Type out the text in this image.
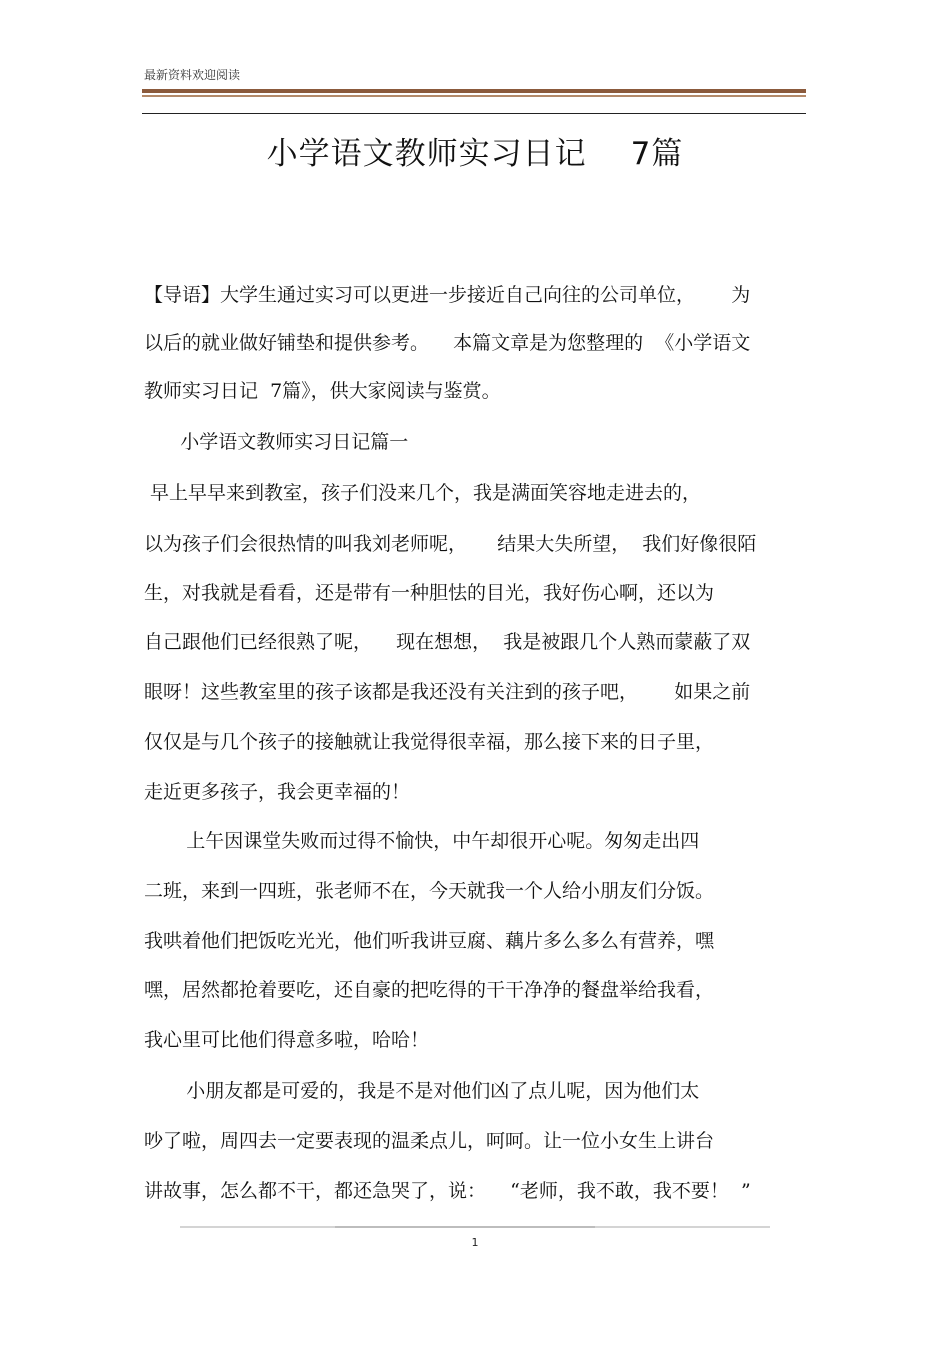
最新资料欢迎阅读
小学语文教师实习日记 7篇
【导语】大学生通过实习可以更进一步接近自己向往的公司单位，      为
以后的就业做好铺垫和提供参考。    本篇文章是为您整理的  《小学语文
教师实习日记  7篇》，供大家阅读与鉴赏。
小学语文教师实习日记篇一
早上早早来到教室，孩子们没来几个，我是满面笑容地走进去的，
以为孩子们会很热情的叫我刘老师呢，     结果大失所望，  我们好像很陌
生，对我就是看看，还是带有一种胆怯的目光，我好伤心啊，还以为
自己跟他们已经很熟了呢，    现在想想，  我是被跟几个人熟而蒙蔽了双
眼呀！这些教室里的孩子该都是我还没有关注到的孩子吧，      如果之前
仅仅是与几个孩子的接触就让我觉得很幸福，那么接下来的日子里，
走近更多孩子，我会更幸福的！
上午因课堂失败而过得不愉快，中午却很开心呢。匆匆走出四
二班，来到一四班，张老师不在，今天就我一个人给小朋友们分饭。
我哄着他们把饭吃光光，他们听我讲豆腐、藕片多么多么有营养，嘿
嘿，居然都抢着要吃，还自豪的把吃得的干干净净的餐盘举给我看，
我心里可比他们得意多啦，哈哈！
小朋友都是可爱的，我是不是对他们凶了点儿呢，因为他们太
吵了啦，周四去一定要表现的温柔点儿，呵呵。让一位小女生上讲台
讲故事，怎么都不干，都还急哭了，说：    “老师，我不敢，我不要！  ”
1
